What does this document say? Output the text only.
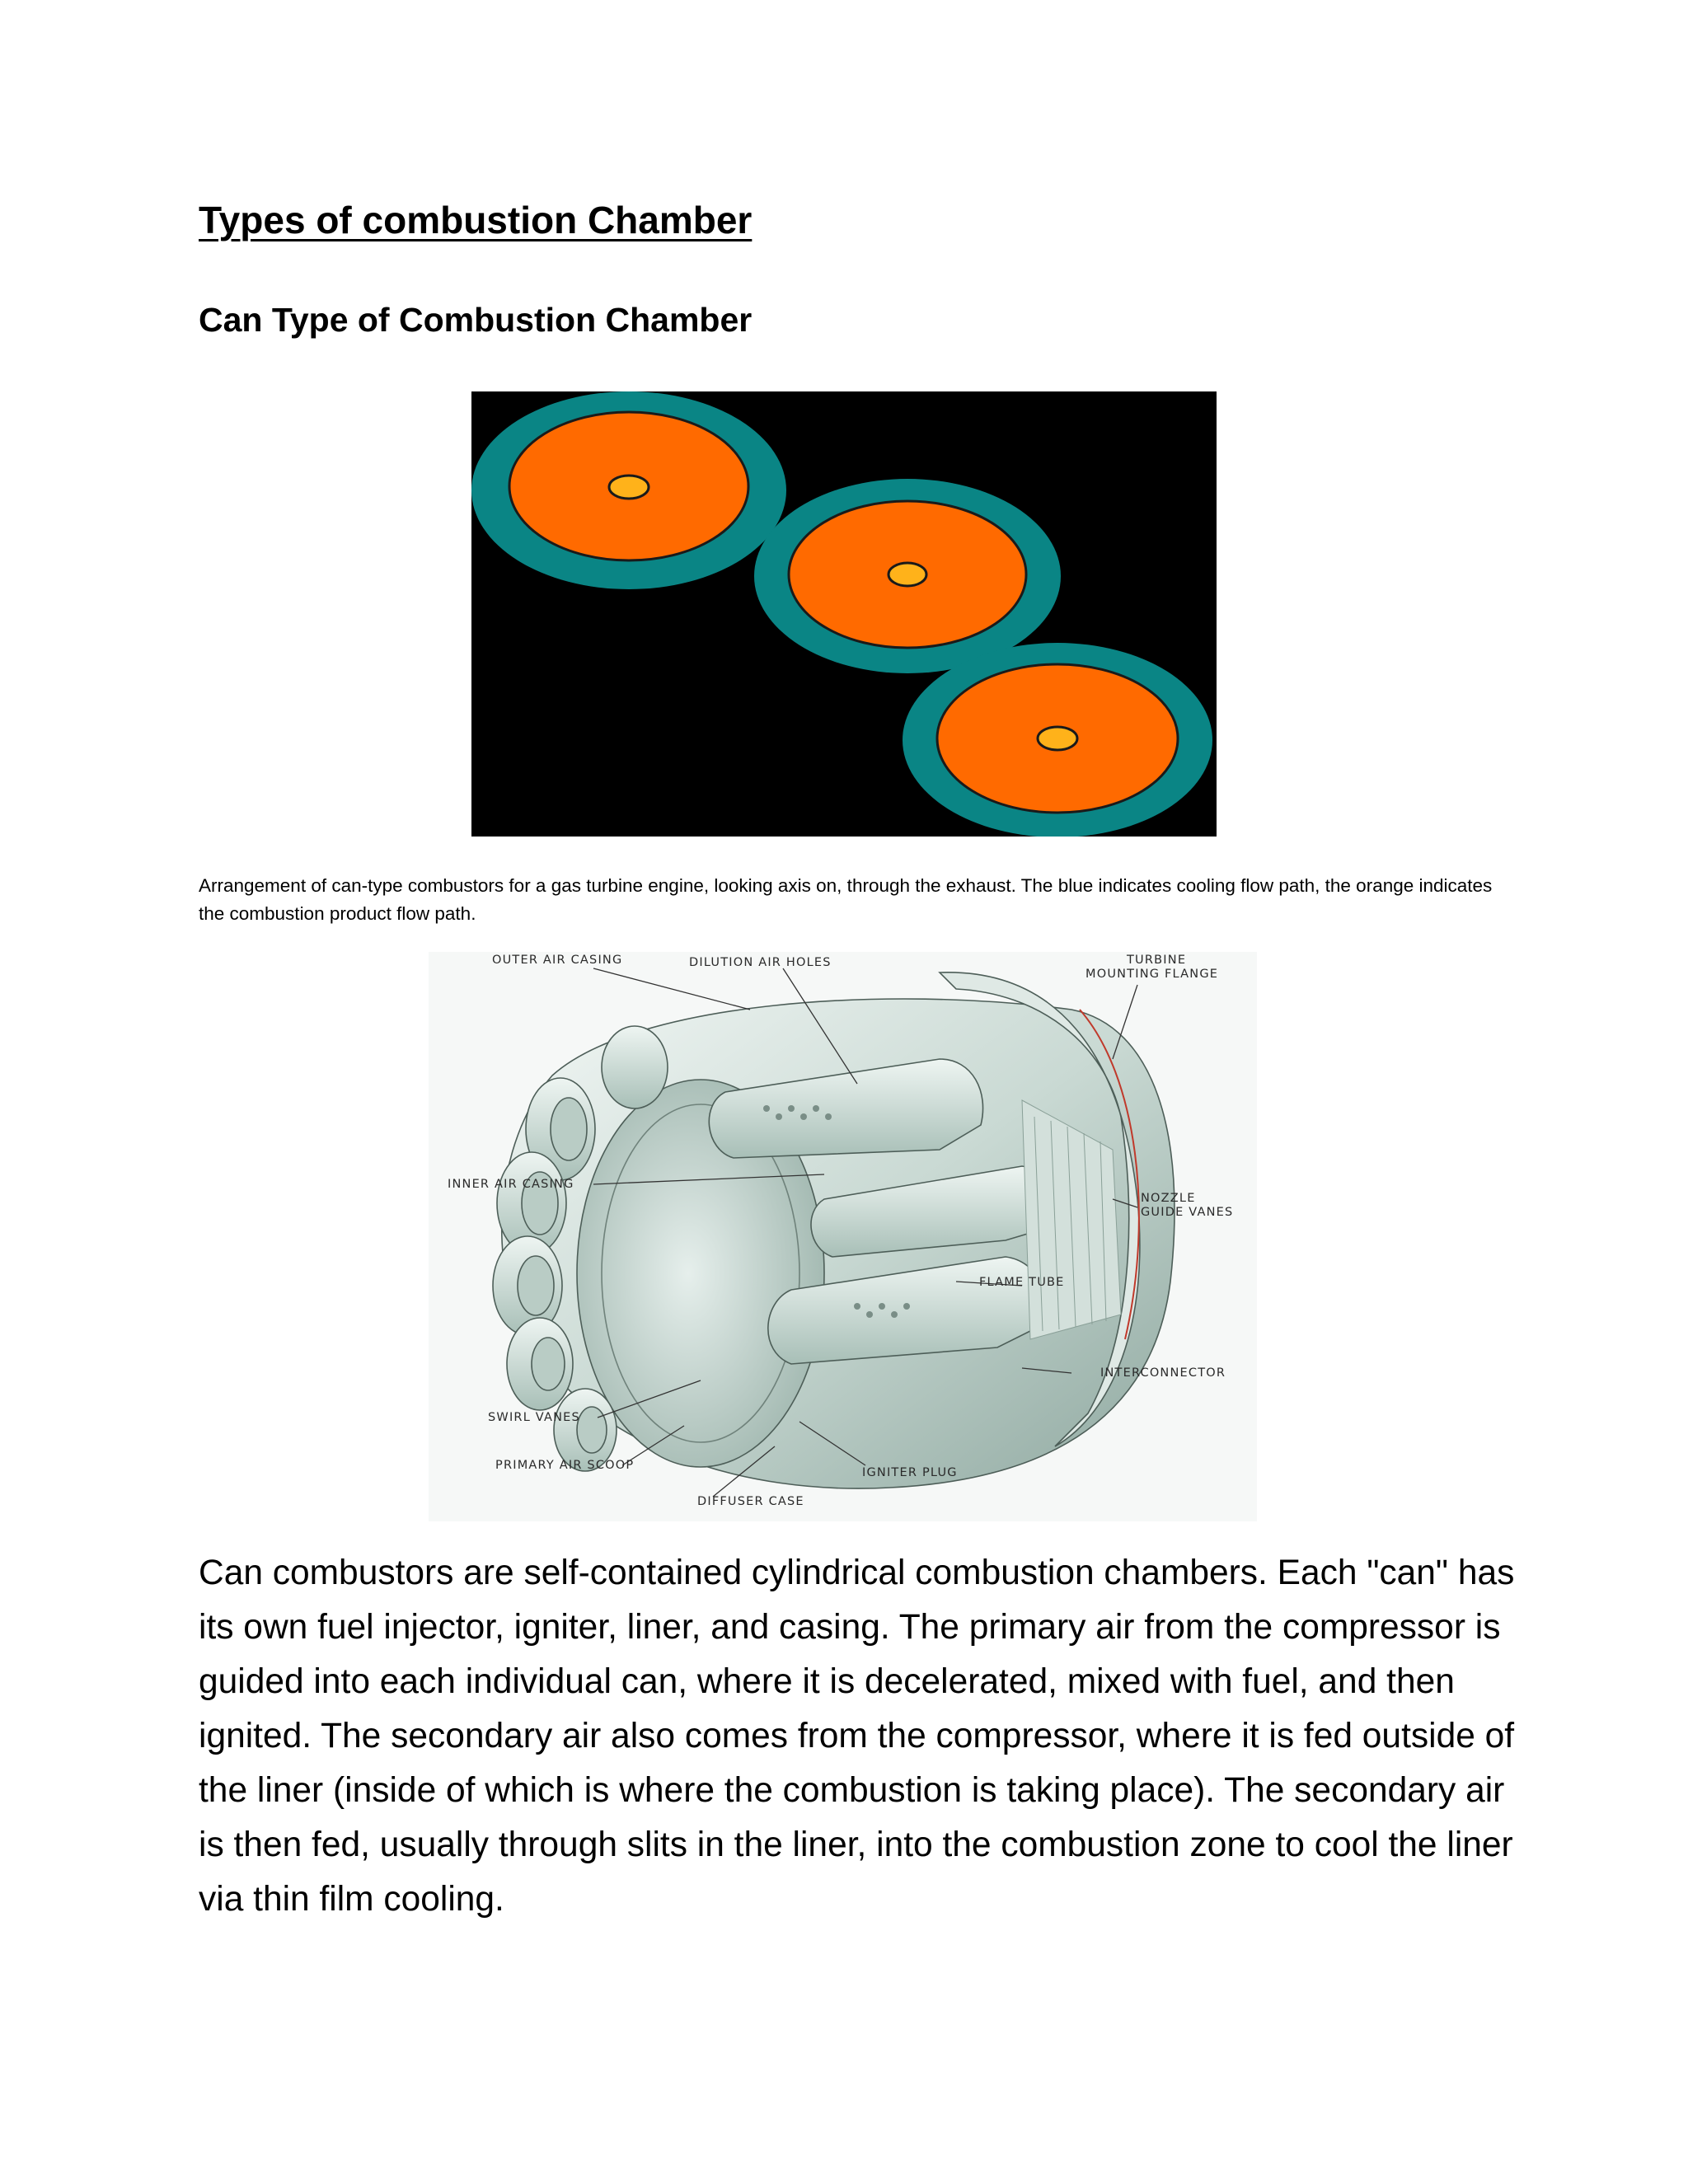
Types of combustion Chamber
Can Type of Combustion Chamber

Arrangement of can-type combustors for a gas turbine engine, looking axis on, through the exhaust. The blue indicates cooling flow path, the orange indicates the combustion product flow path.

OUTER AIR CASING	DILUTION AIR HOLES	TURBINE
MOUNTING FLANGE
INNER AIR CASING
NOZZLE
GUIDE VANES
FLAME TUBE
INTERCONNECTOR
SWIRL VANES
PRIMARY AIR SCOOP
IGNITER PLUG
DIFFUSER CASE

Can combustors are self-contained cylindrical combustion chambers. Each "can" has its own fuel injector, igniter, liner, and casing. The primary air from the compressor is guided into each individual can, where it is decelerated, mixed with fuel, and then ignited. The secondary air also comes from the compressor, where it is fed outside of the liner (inside of which is where the combustion is taking place). The secondary air is then fed, usually through slits in the liner, into the combustion zone to cool the liner via thin film cooling.
